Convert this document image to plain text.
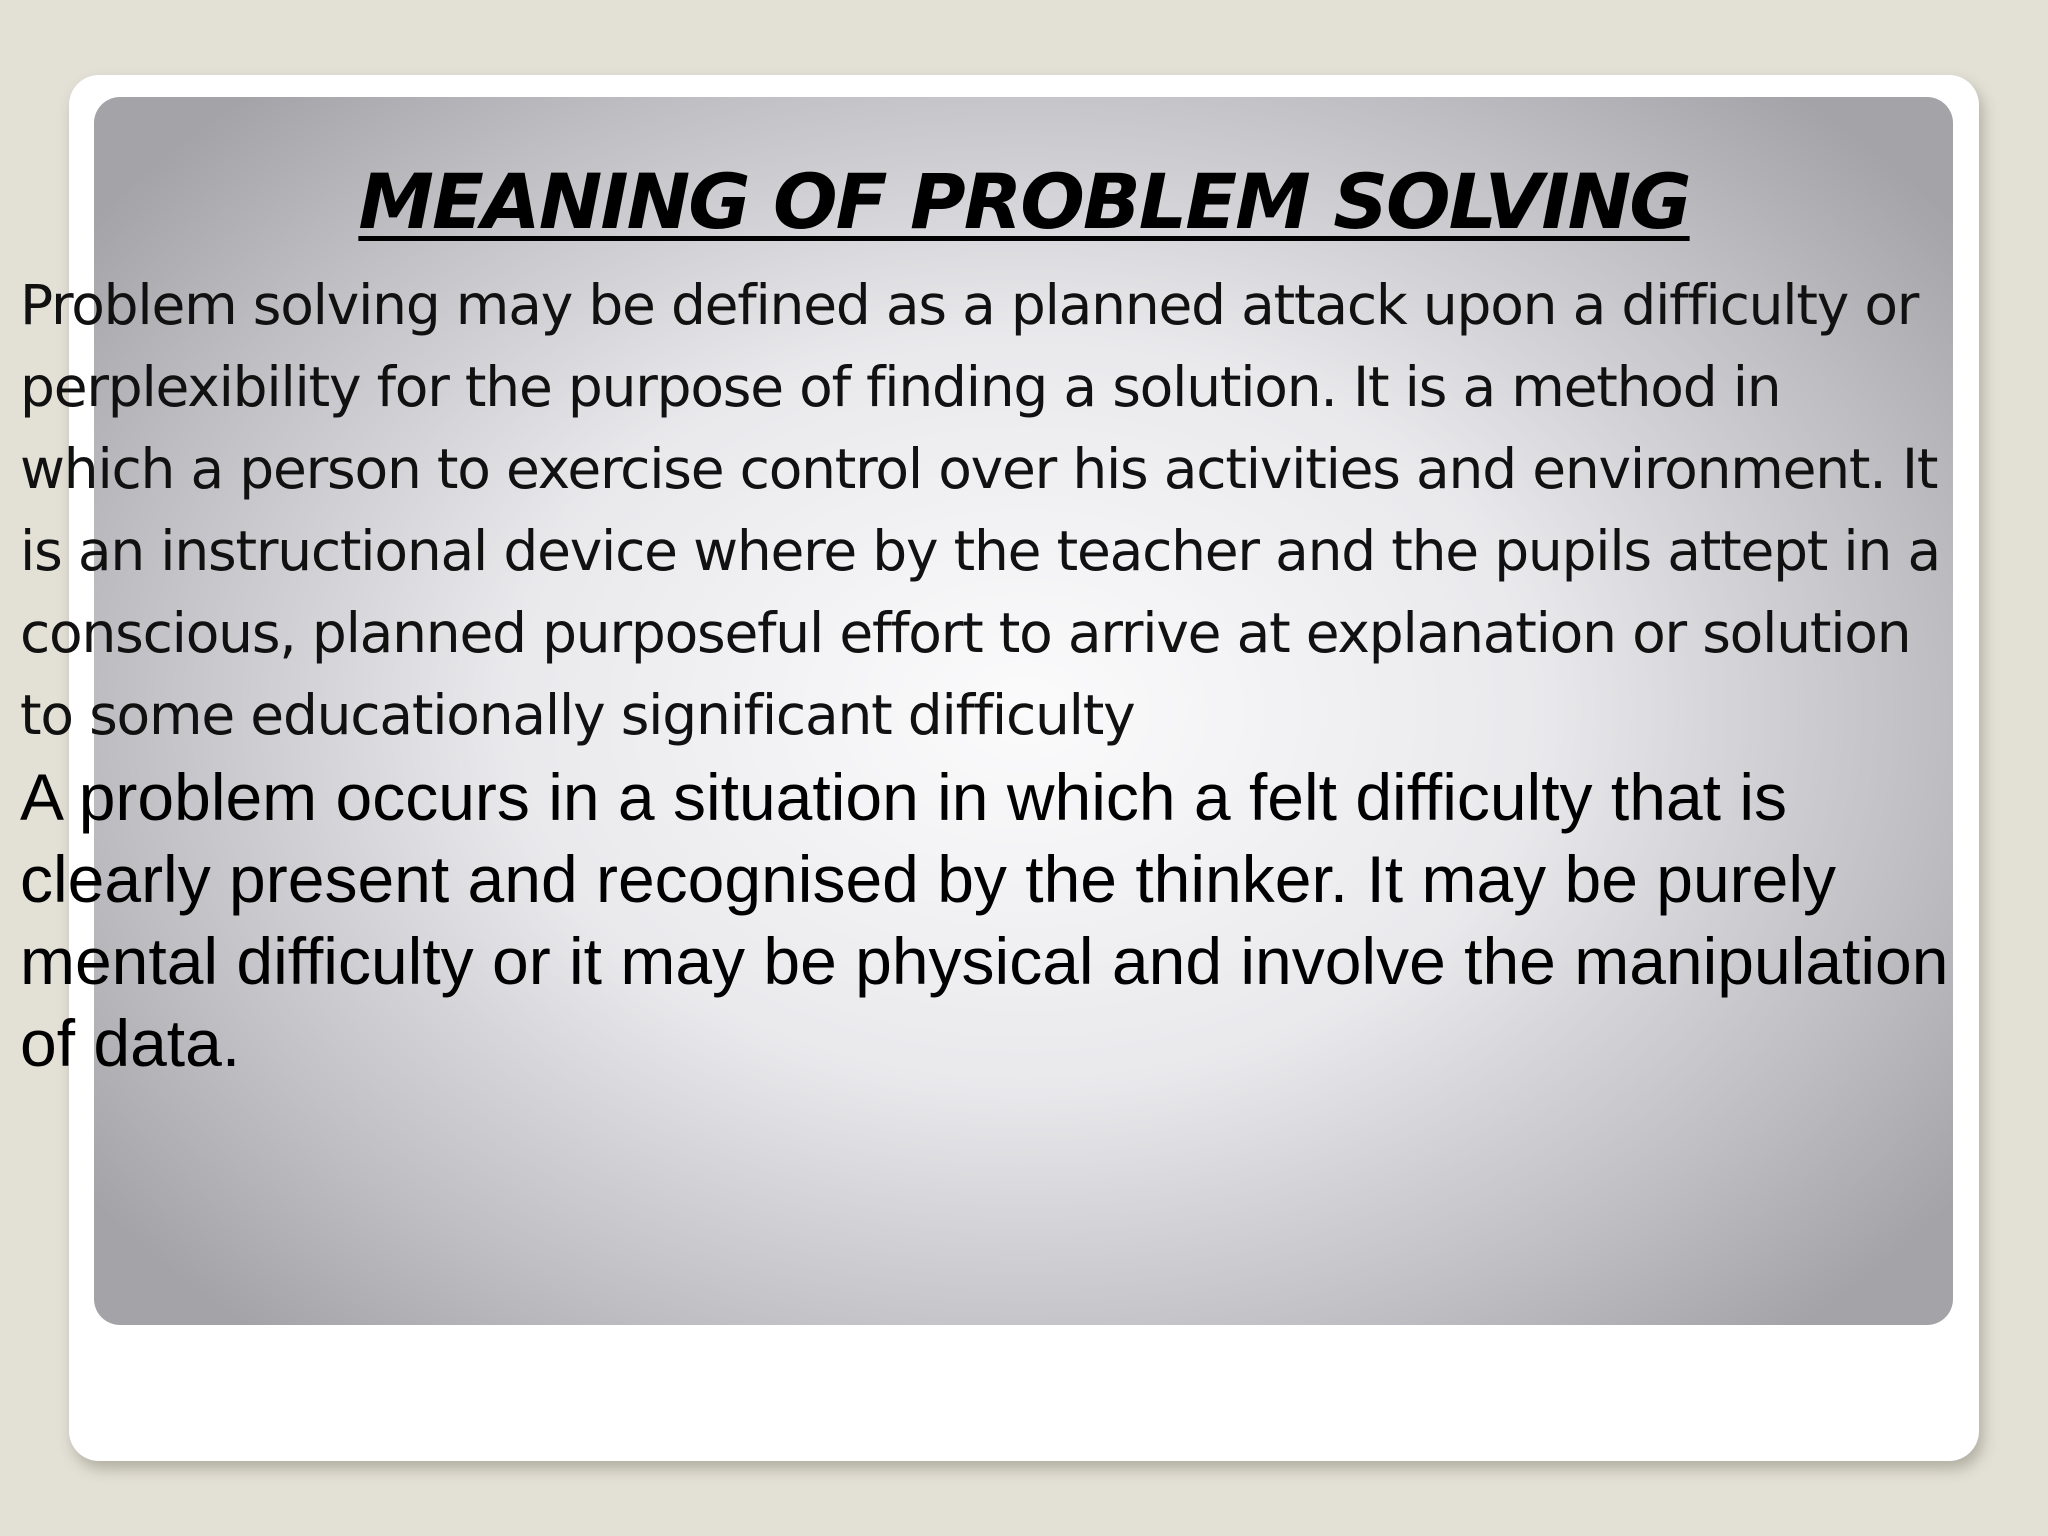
MEANING OF PROBLEM SOLVING

Problem solving may be defined as a planned attack upon a difficulty or
perplexibility for the purpose of finding a solution. It is a method in
which a person to exercise control over his activities and environment. It
is an instructional device where by the teacher and the pupils attept in a
conscious, planned purposeful effort to arrive at explanation or solution
to some educationally significant difficulty

A problem occurs in a situation in which a felt difficulty that is
clearly present and recognised by the thinker. It may be purely
mental difficulty or it may be physical and involve the manipulation
of data.
